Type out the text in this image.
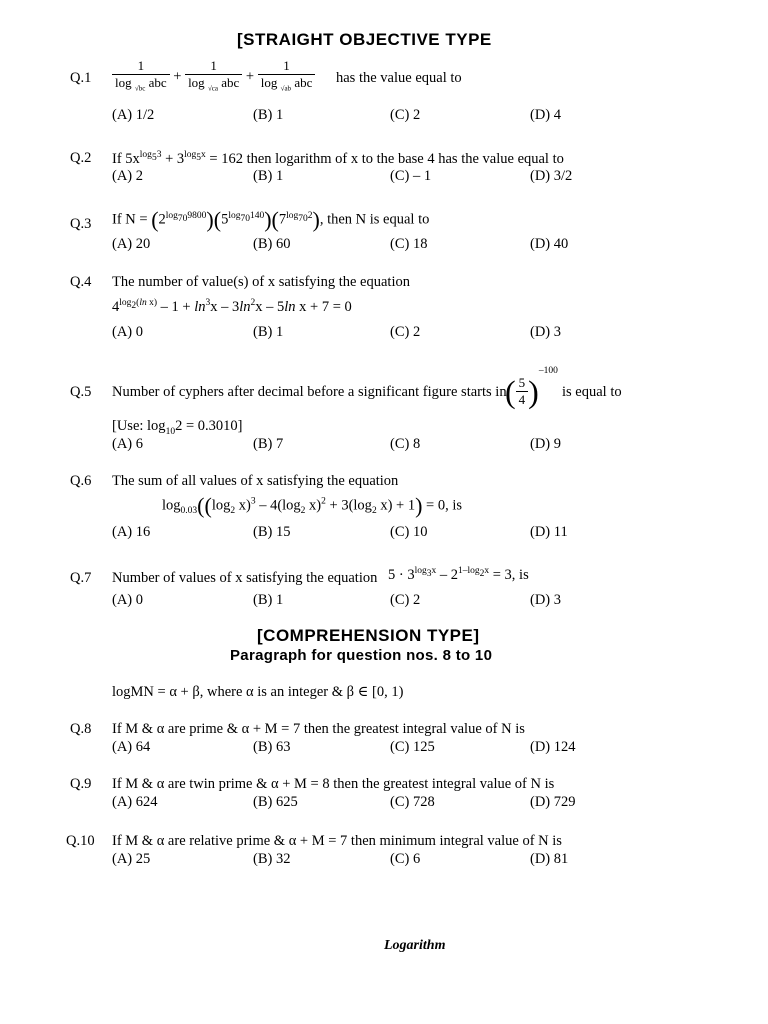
[STRAIGHT OBJECTIVE TYPE
$Q.1 \frac{1}{\log _{√bc} abc} + \frac{1}{\log _{√ca} abc} + \frac{1}{\log _{√ab} abc}$ has the value equal to
(A) 1/2	(B) 1	(C) 2	(D) 4
Q.2 If $5x^{log_53} + 3^{log_5x} = 162$ then logarithm of x to the base 4 has the value equal to
(A) 2	(B) 1	(C) – 1	(D) 3/2
Q.3 If $N = (2^{log_{70}9800})(5^{log_{70}140})(7^{log_{70}2})$, then N is equal to
(A) 20	(B) 60	(C) 18	(D) 40
Q.4 The number of value(s) of x satisfying the equation
$4^{log_2(ln x)} - 1 + \ln^3x - 3\ln^2x - 5\ln$ x + 7 = 0
(A) 0	(B) 1	(C) 2	(D) 3
Q.5 Number of cyphers after decimal before a significant figure starts in
( $\frac{5}{4} )^{-100}$
is equal to
[Use: $\log_{10}2 = 0.3010$]
(A) 6	(B) 7	(C) 8	(D) 9
Q.6 The sum of all values of x satisfying the equation
$\log_{0.03}((\log_2$ $x)^3 - 4(\log_2$ $x)^2 + 3(\log_2$ x) + 1) = 0, is
(A) 16	(B) 15	(C) 10	(D) 11
Q.7 Number of values of x satisfying the equation $5 \cdot 3^{log_3x} - 2^{1-log_2x} = 3$, is
(A) 0	(B) 1	(C) 2	(D) 3
[COMPREHENSION TYPE]
Paragraph for question nos. 8 to 10
logMN = α + β, where α is an integer & β ∈ [0, 1)
Q.8 If M & α are prime & α + M = 7 then the greatest integral value of N is
(A) 64	(B) 63	(C) 125	(D) 124
Q.9 If M & α are twin prime & α + M = 8 then the greatest integral value of N is
(A) 624	(B) 625	(C) 728	(D) 729
Q.10 If M & α are relative prime & α + M = 7 then minimum integral value of N is
(A) 25	(B) 32	(C) 6	(D) 81
Logarithm
